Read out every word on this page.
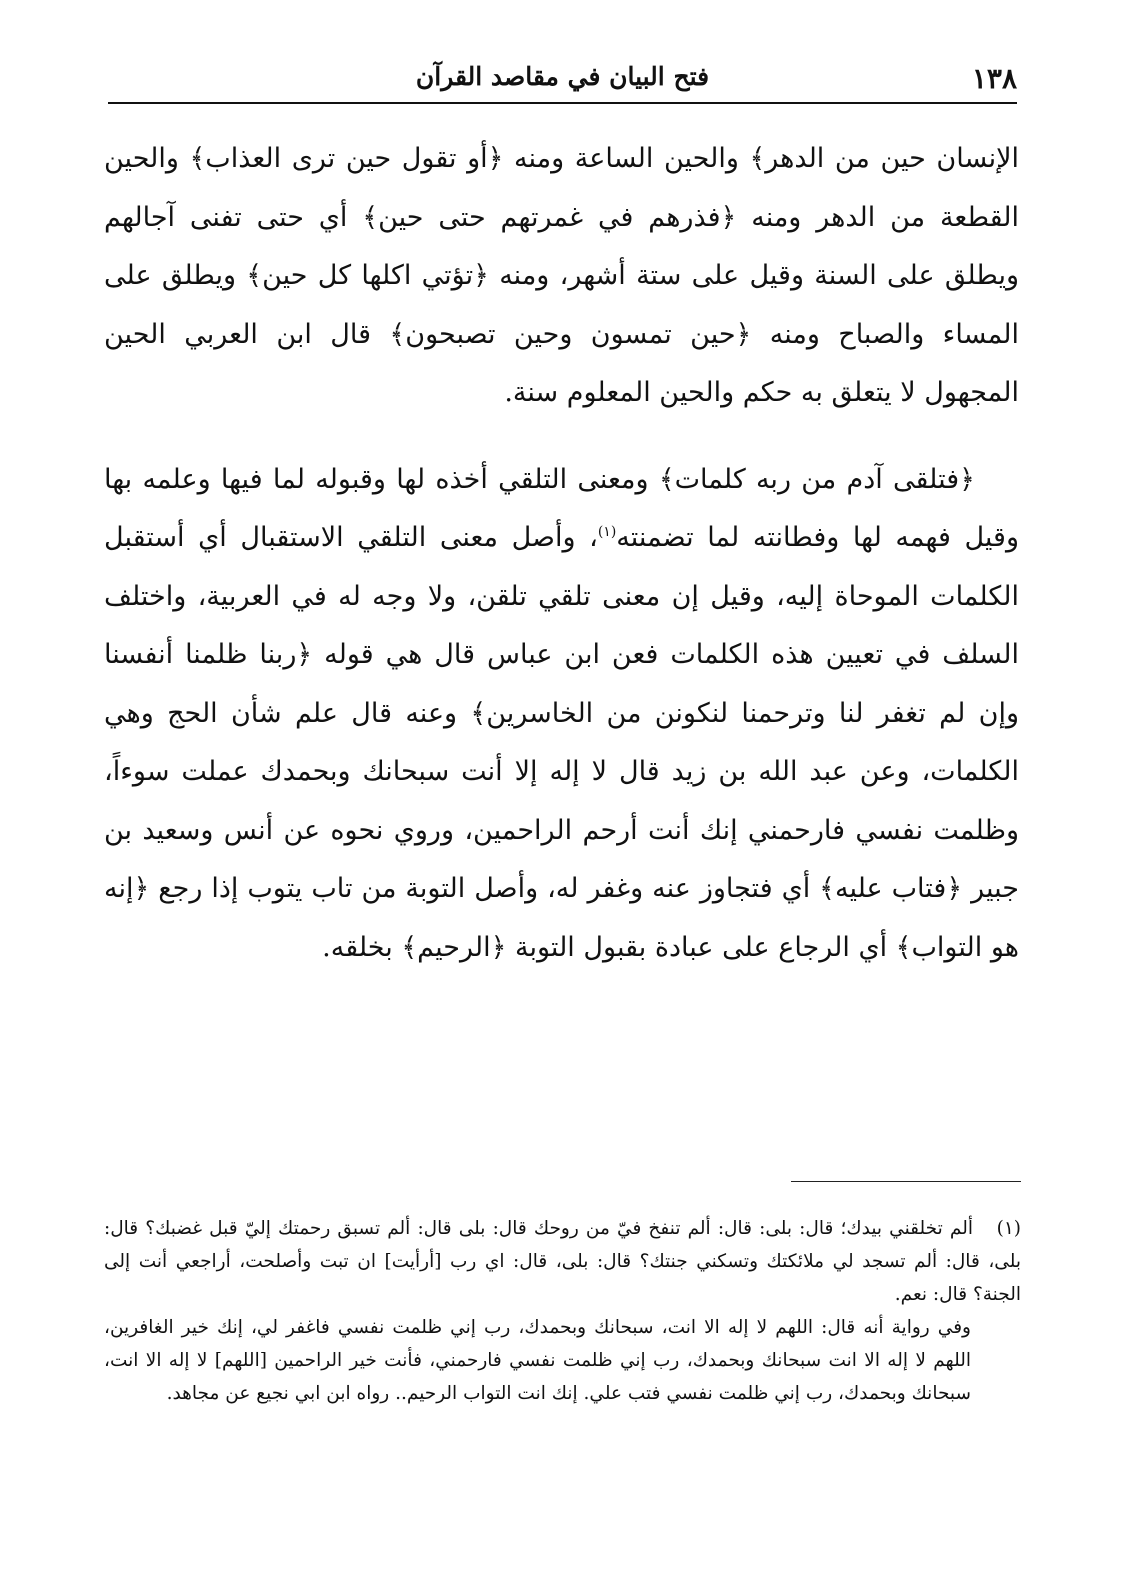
١٣٨
فتح البيان في مقاصد القرآن

الإنسان حين من الدهر﴾ والحين الساعة ومنه ﴿أو تقول حين ترى العذاب﴾ والحين القطعة من الدهر ومنه ﴿فذرهم في غمرتهم حتى حين﴾ أي حتى تفنى آجالهم ويطلق على السنة وقيل على ستة أشهر، ومنه ﴿تؤتي اكلها كل حين﴾ ويطلق على المساء والصباح ومنه ﴿حين تمسون وحين تصبحون﴾ قال ابن العربي الحين المجهول لا يتعلق به حكم والحين المعلوم سنة.

﴿فتلقى آدم من ربه كلمات﴾ ومعنى التلقي أخذه لها وقبوله لما فيها وعلمه بها وقيل فهمه لها وفطانته لما تضمنته$^{(١)}$، وأصل معنى التلقي الاستقبال أي أستقبل الكلمات الموحاة إليه، وقيل إن معنى تلقي تلقن، ولا وجه له في العربية، واختلف السلف في تعيين هذه الكلمات فعن ابن عباس قال هي قوله ﴿ربنا ظلمنا أنفسنا وإن لم تغفر لنا وترحمنا لنكونن من الخاسرين﴾ وعنه قال علم شأن الحج وهي الكلمات، وعن عبد الله بن زيد قال لا إله إلا أنت سبحانك وبحمدك عملت سوءاً، وظلمت نفسي فارحمني إنك أنت أرحم الراحمين، وروي نحوه عن أنس وسعيد بن جبير ﴿فتاب عليه﴾ أي فتجاوز عنه وغفر له، وأصل التوبة من تاب يتوب إذا رجع ﴿إنه هو التواب﴾ أي الرجاع على عبادة بقبول التوبة ﴿الرحيم﴾ بخلقه.

(١)ألم تخلقني بيدك؛ قال: بلى: قال: ألم تنفخ فيّ من روحك قال: بلى قال: ألم تسبق رحمتك إليّ قبل غضبك؟ قال: بلى، قال: ألم تسجد لي ملائكتك وتسكني جنتك؟ قال: بلى، قال: اي رب [أرأيت] ان تبت وأصلحت، أراجعي أنت إلى الجنة؟ قال: نعم.

وفي رواية أنه قال: اللهم لا إله الا انت، سبحانك وبحمدك، رب إني ظلمت نفسي فاغفر لي، إنك خير الغافرين، اللهم لا إله الا انت سبحانك وبحمدك، رب إني ظلمت نفسي فارحمني، فأنت خير الراحمين [اللهم] لا إله الا انت، سبحانك وبحمدك، رب إني ظلمت نفسي فتب علي. إنك انت التواب الرحيم.. رواه ابن ابي نجيع عن مجاهد.
